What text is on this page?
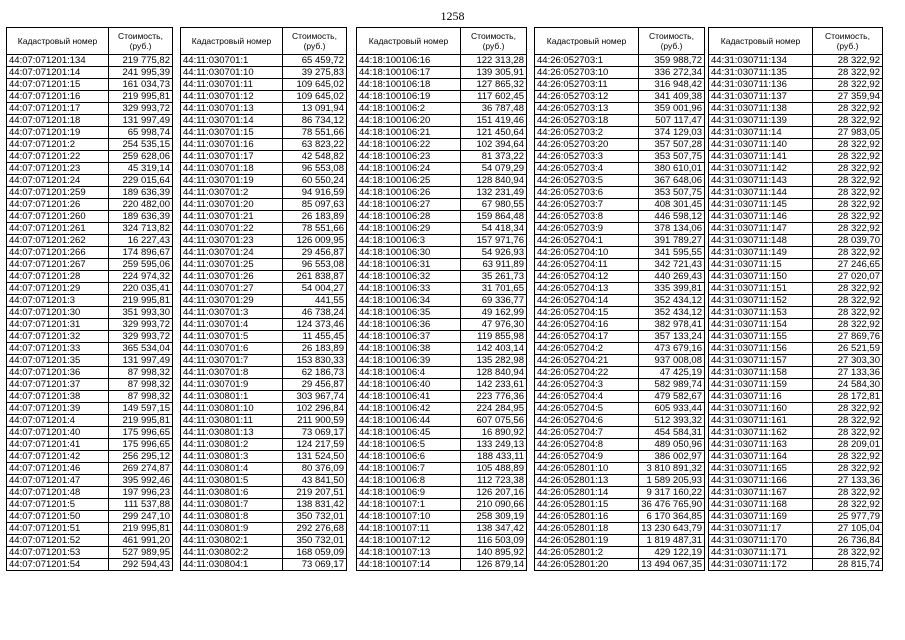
1258
Кадастровый номер	Стоимость, (руб.)
44:07:071201:134	219 775,82
44:07:071201:14	241 995,39
44:07:071201:15	161 034,73
44:07:071201:16	219 995,81
44:07:071201:17	329 993,72
44:07:071201:18	131 997,49
44:07:071201:19	65 998,74
44:07:071201:2	254 535,15
44:07:071201:22	259 628,06
44:07:071201:23	45 319,14
44:07:071201:24	229 015,64
44:07:071201:259	189 636,39
44:07:071201:26	220 482,00
44:07:071201:260	189 636,39
44:07:071201:261	324 713,82
44:07:071201:262	16 227,43
44:07:071201:266	174 896,67
44:07:071201:267	259 595,06
44:07:071201:28	224 974,32
44:07:071201:29	220 035,41
44:07:071201:3	219 995,81
44:07:071201:30	351 993,30
44:07:071201:31	329 993,72
44:07:071201:32	329 993,72
44:07:071201:33	365 534,04
44:07:071201:35	131 997,49
44:07:071201:36	87 998,32
44:07:071201:37	87 998,32
44:07:071201:38	87 998,32
44:07:071201:39	149 597,15
44:07:071201:4	219 995,81
44:07:071201:40	175 996,65
44:07:071201:41	175 996,65
44:07:071201:42	256 295,12
44:07:071201:46	269 274,87
44:07:071201:47	395 992,46
44:07:071201:48	197 996,23
44:07:071201:5	111 537,88
44:07:071201:50	299 247,10
44:07:071201:51	219 995,81
44:07:071201:52	461 991,20
44:07:071201:53	527 989,95
44:07:071201:54	292 594,43
Кадастровый номер	Стоимость, (руб.)
44:11:030701:1	65 459,72
44:11:030701:10	39 275,83
44:11:030701:11	109 645,02
44:11:030701:12	109 645,02
44:11:030701:13	13 091,94
44:11:030701:14	86 734,12
44:11:030701:15	78 551,66
44:11:030701:16	63 823,22
44:11:030701:17	42 548,82
44:11:030701:18	96 553,08
44:11:030701:19	60 550,24
44:11:030701:2	94 916,59
44:11:030701:20	85 097,63
44:11:030701:21	26 183,89
44:11:030701:22	78 551,66
44:11:030701:23	126 009,95
44:11:030701:24	29 456,87
44:11:030701:25	96 553,08
44:11:030701:26	261 838,87
44:11:030701:27	54 004,27
44:11:030701:29	441,55
44:11:030701:3	46 738,24
44:11:030701:4	124 373,46
44:11:030701:5	11 455,45
44:11:030701:6	26 183,89
44:11:030701:7	153 830,33
44:11:030701:8	62 186,73
44:11:030701:9	29 456,87
44:11:030801:1	303 967,74
44:11:030801:10	102 296,84
44:11:030801:11	211 900,59
44:11:030801:13	73 069,17
44:11:030801:2	124 217,59
44:11:030801:3	131 524,50
44:11:030801:4	80 376,09
44:11:030801:5	43 841,50
44:11:030801:6	219 207,51
44:11:030801:7	138 831,42
44:11:030801:8	350 732,01
44:11:030801:9	292 276,68
44:11:030802:1	350 732,01
44:11:030802:2	168 059,09
44:11:030804:1	73 069,17
Кадастровый номер	Стоимость, (руб.)
44:18:100106:16	122 313,28
44:18:100106:17	139 305,91
44:18:100106:18	127 865,32
44:18:100106:19	117 602,45
44:18:100106:2	36 787,48
44:18:100106:20	151 419,46
44:18:100106:21	121 450,64
44:18:100106:22	102 394,64
44:18:100106:23	81 373,22
44:18:100106:24	54 079,29
44:18:100106:25	128 840,94
44:18:100106:26	132 231,49
44:18:100106:27	67 980,55
44:18:100106:28	159 864,48
44:18:100106:29	54 418,34
44:18:100106:3	157 971,76
44:18:100106:30	54 926,93
44:18:100106:31	63 911,89
44:18:100106:32	35 261,73
44:18:100106:33	31 701,65
44:18:100106:34	69 336,77
44:18:100106:35	49 162,99
44:18:100106:36	47 976,30
44:18:100106:37	119 855,98
44:18:100106:38	142 403,14
44:18:100106:39	135 282,98
44:18:100106:4	128 840,94
44:18:100106:40	142 233,61
44:18:100106:41	223 776,36
44:18:100106:42	224 284,95
44:18:100106:44	607 075,56
44:18:100106:45	16 890,92
44:18:100106:5	133 249,13
44:18:100106:6	188 433,11
44:18:100106:7	105 488,89
44:18:100106:8	112 723,38
44:18:100106:9	126 207,16
44:18:100107:1	210 090,66
44:18:100107:10	258 309,19
44:18:100107:11	138 347,42
44:18:100107:12	116 503,09
44:18:100107:13	140 895,92
44:18:100107:14	126 879,14
Кадастровый номер	Стоимость, (руб.)
44:26:052703:1	359 988,72
44:26:052703:10	336 272,34
44:26:052703:11	316 948,42
44:26:052703:12	341 409,38
44:26:052703:13	359 001,96
44:26:052703:18	507 117,47
44:26:052703:2	374 129,03
44:26:052703:20	357 507,28
44:26:052703:3	353 507,75
44:26:052703:4	380 610,01
44:26:052703:5	367 648,06
44:26:052703:6	353 507,75
44:26:052703:7	408 301,45
44:26:052703:8	446 598,12
44:26:052703:9	378 134,06
44:26:052704:1	391 789,27
44:26:052704:10	341 595,55
44:26:052704:11	342 721,43
44:26:052704:12	440 269,43
44:26:052704:13	335 399,81
44:26:052704:14	352 434,12
44:26:052704:15	352 434,12
44:26:052704:16	382 978,41
44:26:052704:17	357 133,24
44:26:052704:2	473 679,16
44:26:052704:21	937 008,08
44:26:052704:22	47 425,19
44:26:052704:3	582 989,74
44:26:052704:4	479 582,67
44:26:052704:5	605 933,44
44:26:052704:6	512 393,32
44:26:052704:7	454 584,31
44:26:052704:8	489 050,96
44:26:052704:9	386 002,97
44:26:052801:10	3 810 891,32
44:26:052801:13	1 589 205,93
44:26:052801:14	9 317 160,22
44:26:052801:15	36 476 765,90
44:26:052801:16	6 170 364,85
44:26:052801:18	13 230 643,79
44:26:052801:19	1 819 487,31
44:26:052801:2	429 122,19
44:26:052801:20	13 494 067,35
Кадастровый номер	Стоимость, (руб.)
44:31:030711:134	28 322,92
44:31:030711:135	28 322,92
44:31:030711:136	28 322,92
44:31:030711:137	27 359,94
44:31:030711:138	28 322,92
44:31:030711:139	28 322,92
44:31:030711:14	27 983,05
44:31:030711:140	28 322,92
44:31:030711:141	28 322,92
44:31:030711:142	28 322,92
44:31:030711:143	28 322,92
44:31:030711:144	28 322,92
44:31:030711:145	28 322,92
44:31:030711:146	28 322,92
44:31:030711:147	28 322,92
44:31:030711:148	28 039,70
44:31:030711:149	28 322,92
44:31:030711:15	27 246,65
44:31:030711:150	27 020,07
44:31:030711:151	28 322,92
44:31:030711:152	28 322,92
44:31:030711:153	28 322,92
44:31:030711:154	28 322,92
44:31:030711:155	27 869,76
44:31:030711:156	26 521,59
44:31:030711:157	27 303,30
44:31:030711:158	27 133,36
44:31:030711:159	24 584,30
44:31:030711:16	28 172,81
44:31:030711:160	28 322,92
44:31:030711:161	28 322,92
44:31:030711:162	28 322,92
44:31:030711:163	28 209,01
44:31:030711:164	28 322,92
44:31:030711:165	28 322,92
44:31:030711:166	27 133,36
44:31:030711:167	28 322,92
44:31:030711:168	28 322,92
44:31:030711:169	25 977,79
44:31:030711:17	27 105,04
44:31:030711:170	26 736,84
44:31:030711:171	28 322,92
44:31:030711:172	28 815,74
